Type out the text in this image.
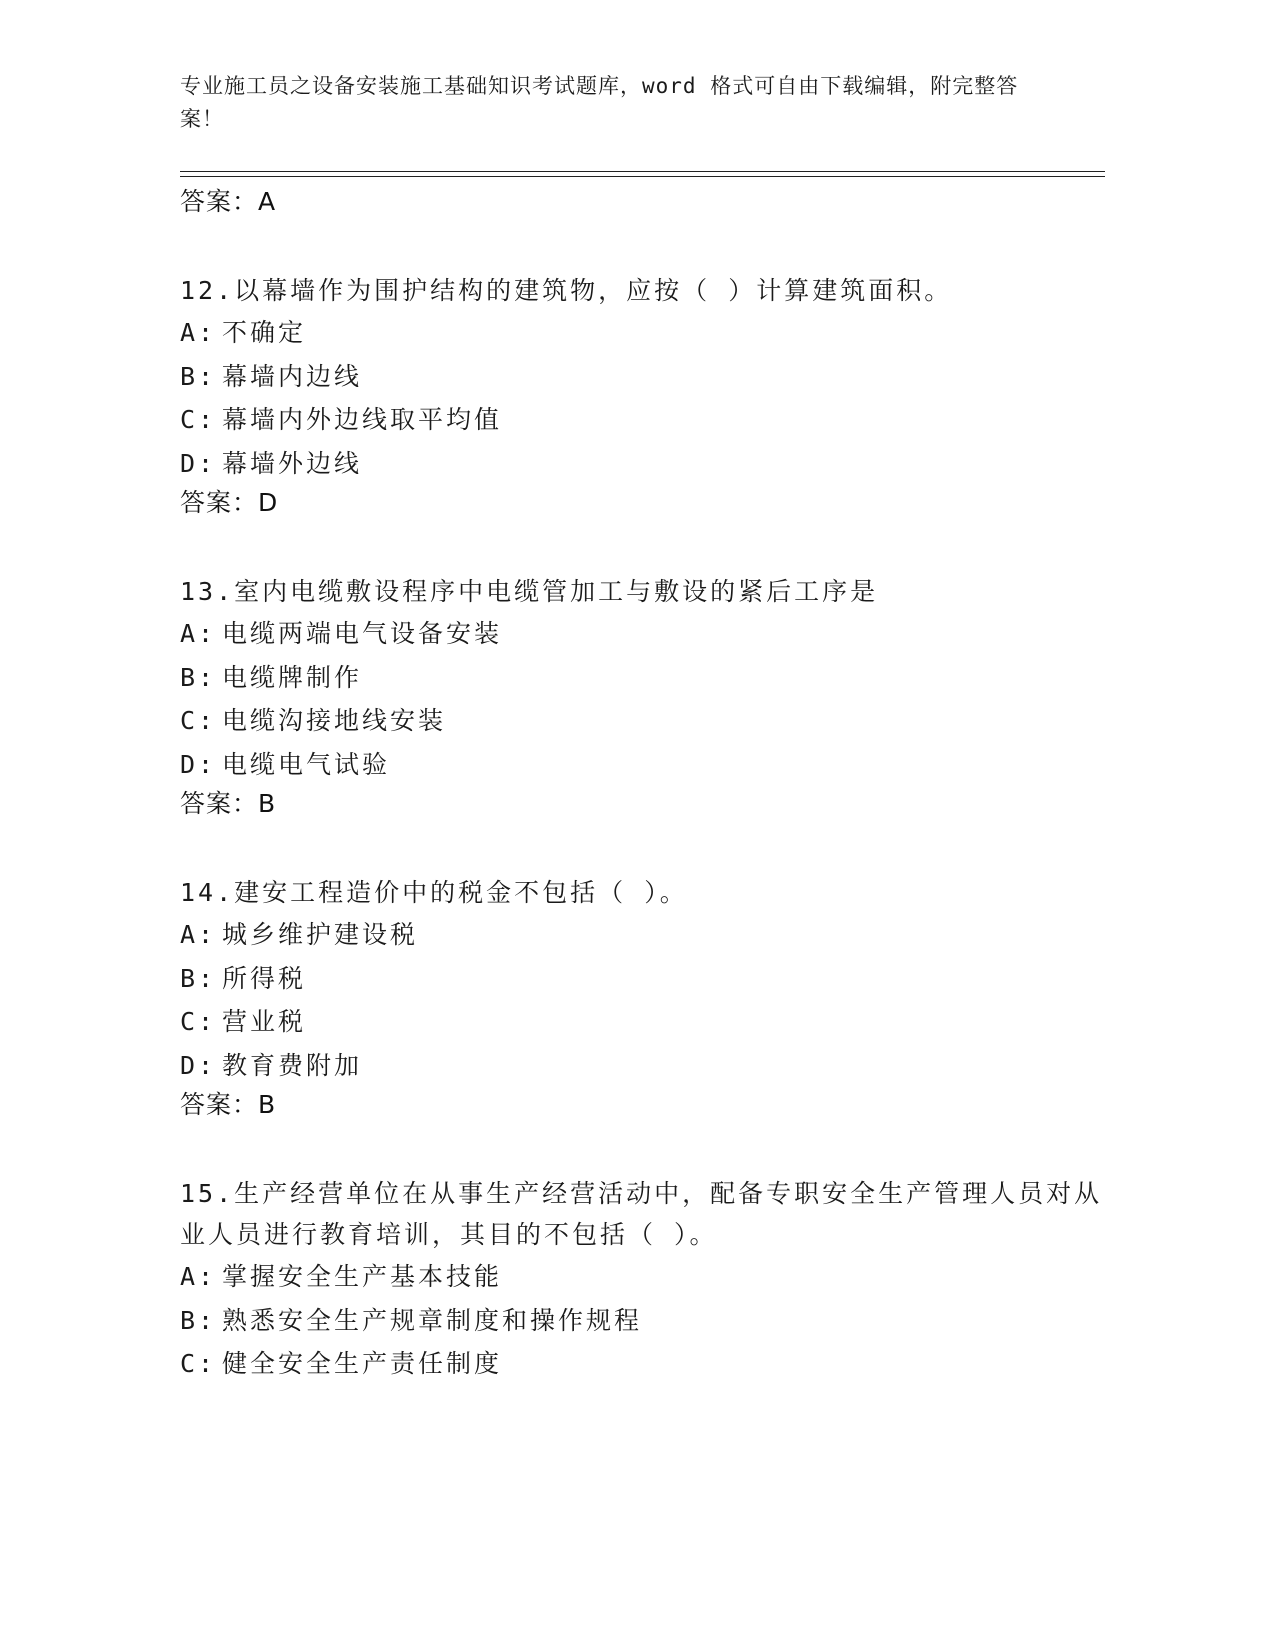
专业施工员之设备安装施工基础知识考试题库，word 格式可自由下载编辑，附完整答案！
答案：A
12.以幕墙作为围护结构的建筑物，应按（ ）计算建筑面积。
A: 不确定
B: 幕墙内边线
C: 幕墙内外边线取平均值
D: 幕墙外边线
答案：D
13.室内电缆敷设程序中电缆管加工与敷设的紧后工序是
A: 电缆两端电气设备安装
B: 电缆牌制作
C: 电缆沟接地线安装
D: 电缆电气试验
答案：B
14.建安工程造价中的税金不包括（ ）。
A: 城乡维护建设税
B: 所得税
C: 营业税
D: 教育费附加
答案：B
15.生产经营单位在从事生产经营活动中，配备专职安全生产管理人员对从业人员进行教育培训，其目的不包括（ ）。
A: 掌握安全生产基本技能
B: 熟悉安全生产规章制度和操作规程
C: 健全安全生产责任制度
